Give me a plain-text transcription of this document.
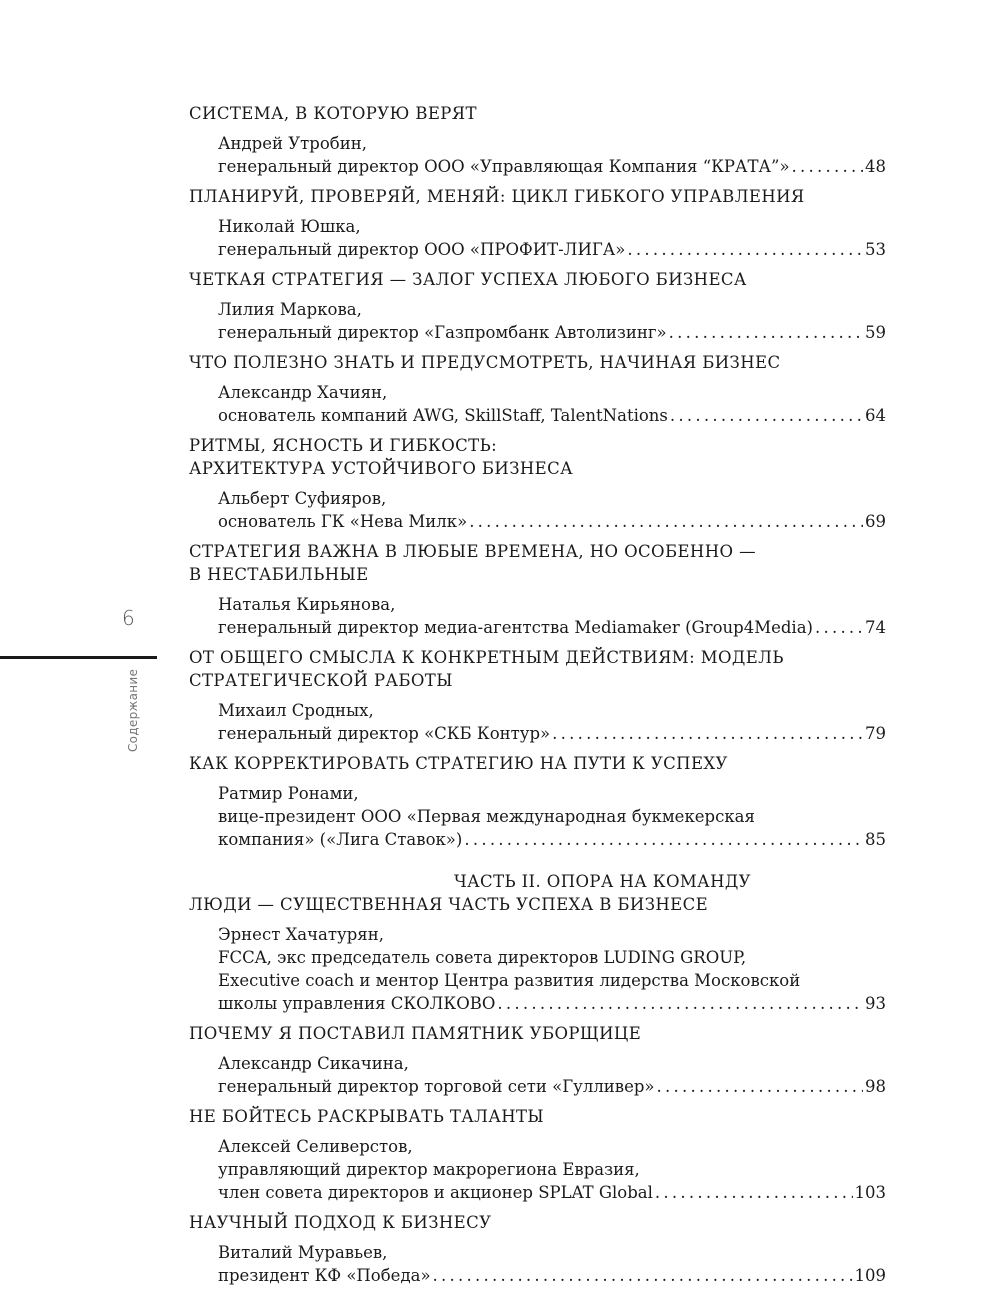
6
Содержание
СИСТЕМА, В КОТОРУЮ ВЕРЯТ
Андрей Утробин,
генеральный директор ООО «Управляющая Компания “КРАТА”» . . .	48
ПЛАНИРУЙ, ПРОВЕРЯЙ, МЕНЯЙ: ЦИКЛ ГИБКОГО УПРАВЛЕНИЯ
Николай Юшка,
генеральный директор ООО «ПРОФИТ-ЛИГА» . . .	53
ЧЕТКАЯ СТРАТЕГИЯ — ЗАЛОГ УСПЕХА ЛЮБОГО БИЗНЕСА
Лилия Маркова,
генеральный директор «Газпромбанк Автолизинг» . . .	59
ЧТО ПОЛЕЗНО ЗНАТЬ И ПРЕДУСМОТРЕТЬ, НАЧИНАЯ БИЗНЕС
Александр Хачиян,
основатель компаний AWG, SkillStaff, TalentNations . . .	64
РИТМЫ, ЯСНОСТЬ И ГИБКОСТЬ:
АРХИТЕКТУРА УСТОЙЧИВОГО БИЗНЕСА
Альберт Суфияров,
основатель ГК «Нева Милк» . . .	69
СТРАТЕГИЯ ВАЖНА В ЛЮБЫЕ ВРЕМЕНА, НО ОСОБЕННО —
В НЕСТАБИЛЬНЫЕ
Наталья Кирьянова,
генеральный директор медиа-агентства Mediamaker (Group4Media) . . .	74
ОТ ОБЩЕГО СМЫСЛА К КОНКРЕТНЫМ ДЕЙСТВИЯМ: МОДЕЛЬ
СТРАТЕГИЧЕСКОЙ РАБОТЫ
Михаил Сродных,
генеральный директор «СКБ Контур» . . .	79
КАК КОРРЕКТИРОВАТЬ СТРАТЕГИЮ НА ПУТИ К УСПЕХУ
Ратмир Ронами,
вице-президент ООО «Первая международная букмекерская
компания» («Лига Ставок») . . .	85
ЧАСТЬ II. ОПОРА НА КОМАНДУ
ЛЮДИ — СУЩЕСТВЕННАЯ ЧАСТЬ УСПЕХА В БИЗНЕСЕ
Эрнест Хачатурян,
FCCA, экс председатель совета директоров LUDING GROUP,
Executive coach и ментор Центра развития лидерства Московской
школы управления СКОЛКОВО . . .	93
ПОЧЕМУ Я ПОСТАВИЛ ПАМЯТНИК УБОРЩИЦЕ
Александр Сикачина,
генеральный директор торговой сети «Гулливер» . . .	98
НЕ БОЙТЕСЬ РАСКРЫВАТЬ ТАЛАНТЫ
Алексей Селиверстов,
управляющий директор макрорегиона Евразия,
член совета директоров и акционер SPLAT Global . . .	103
НАУЧНЫЙ ПОДХОД К БИЗНЕСУ
Виталий Муравьев,
президент КФ «Победа» . . .	109
